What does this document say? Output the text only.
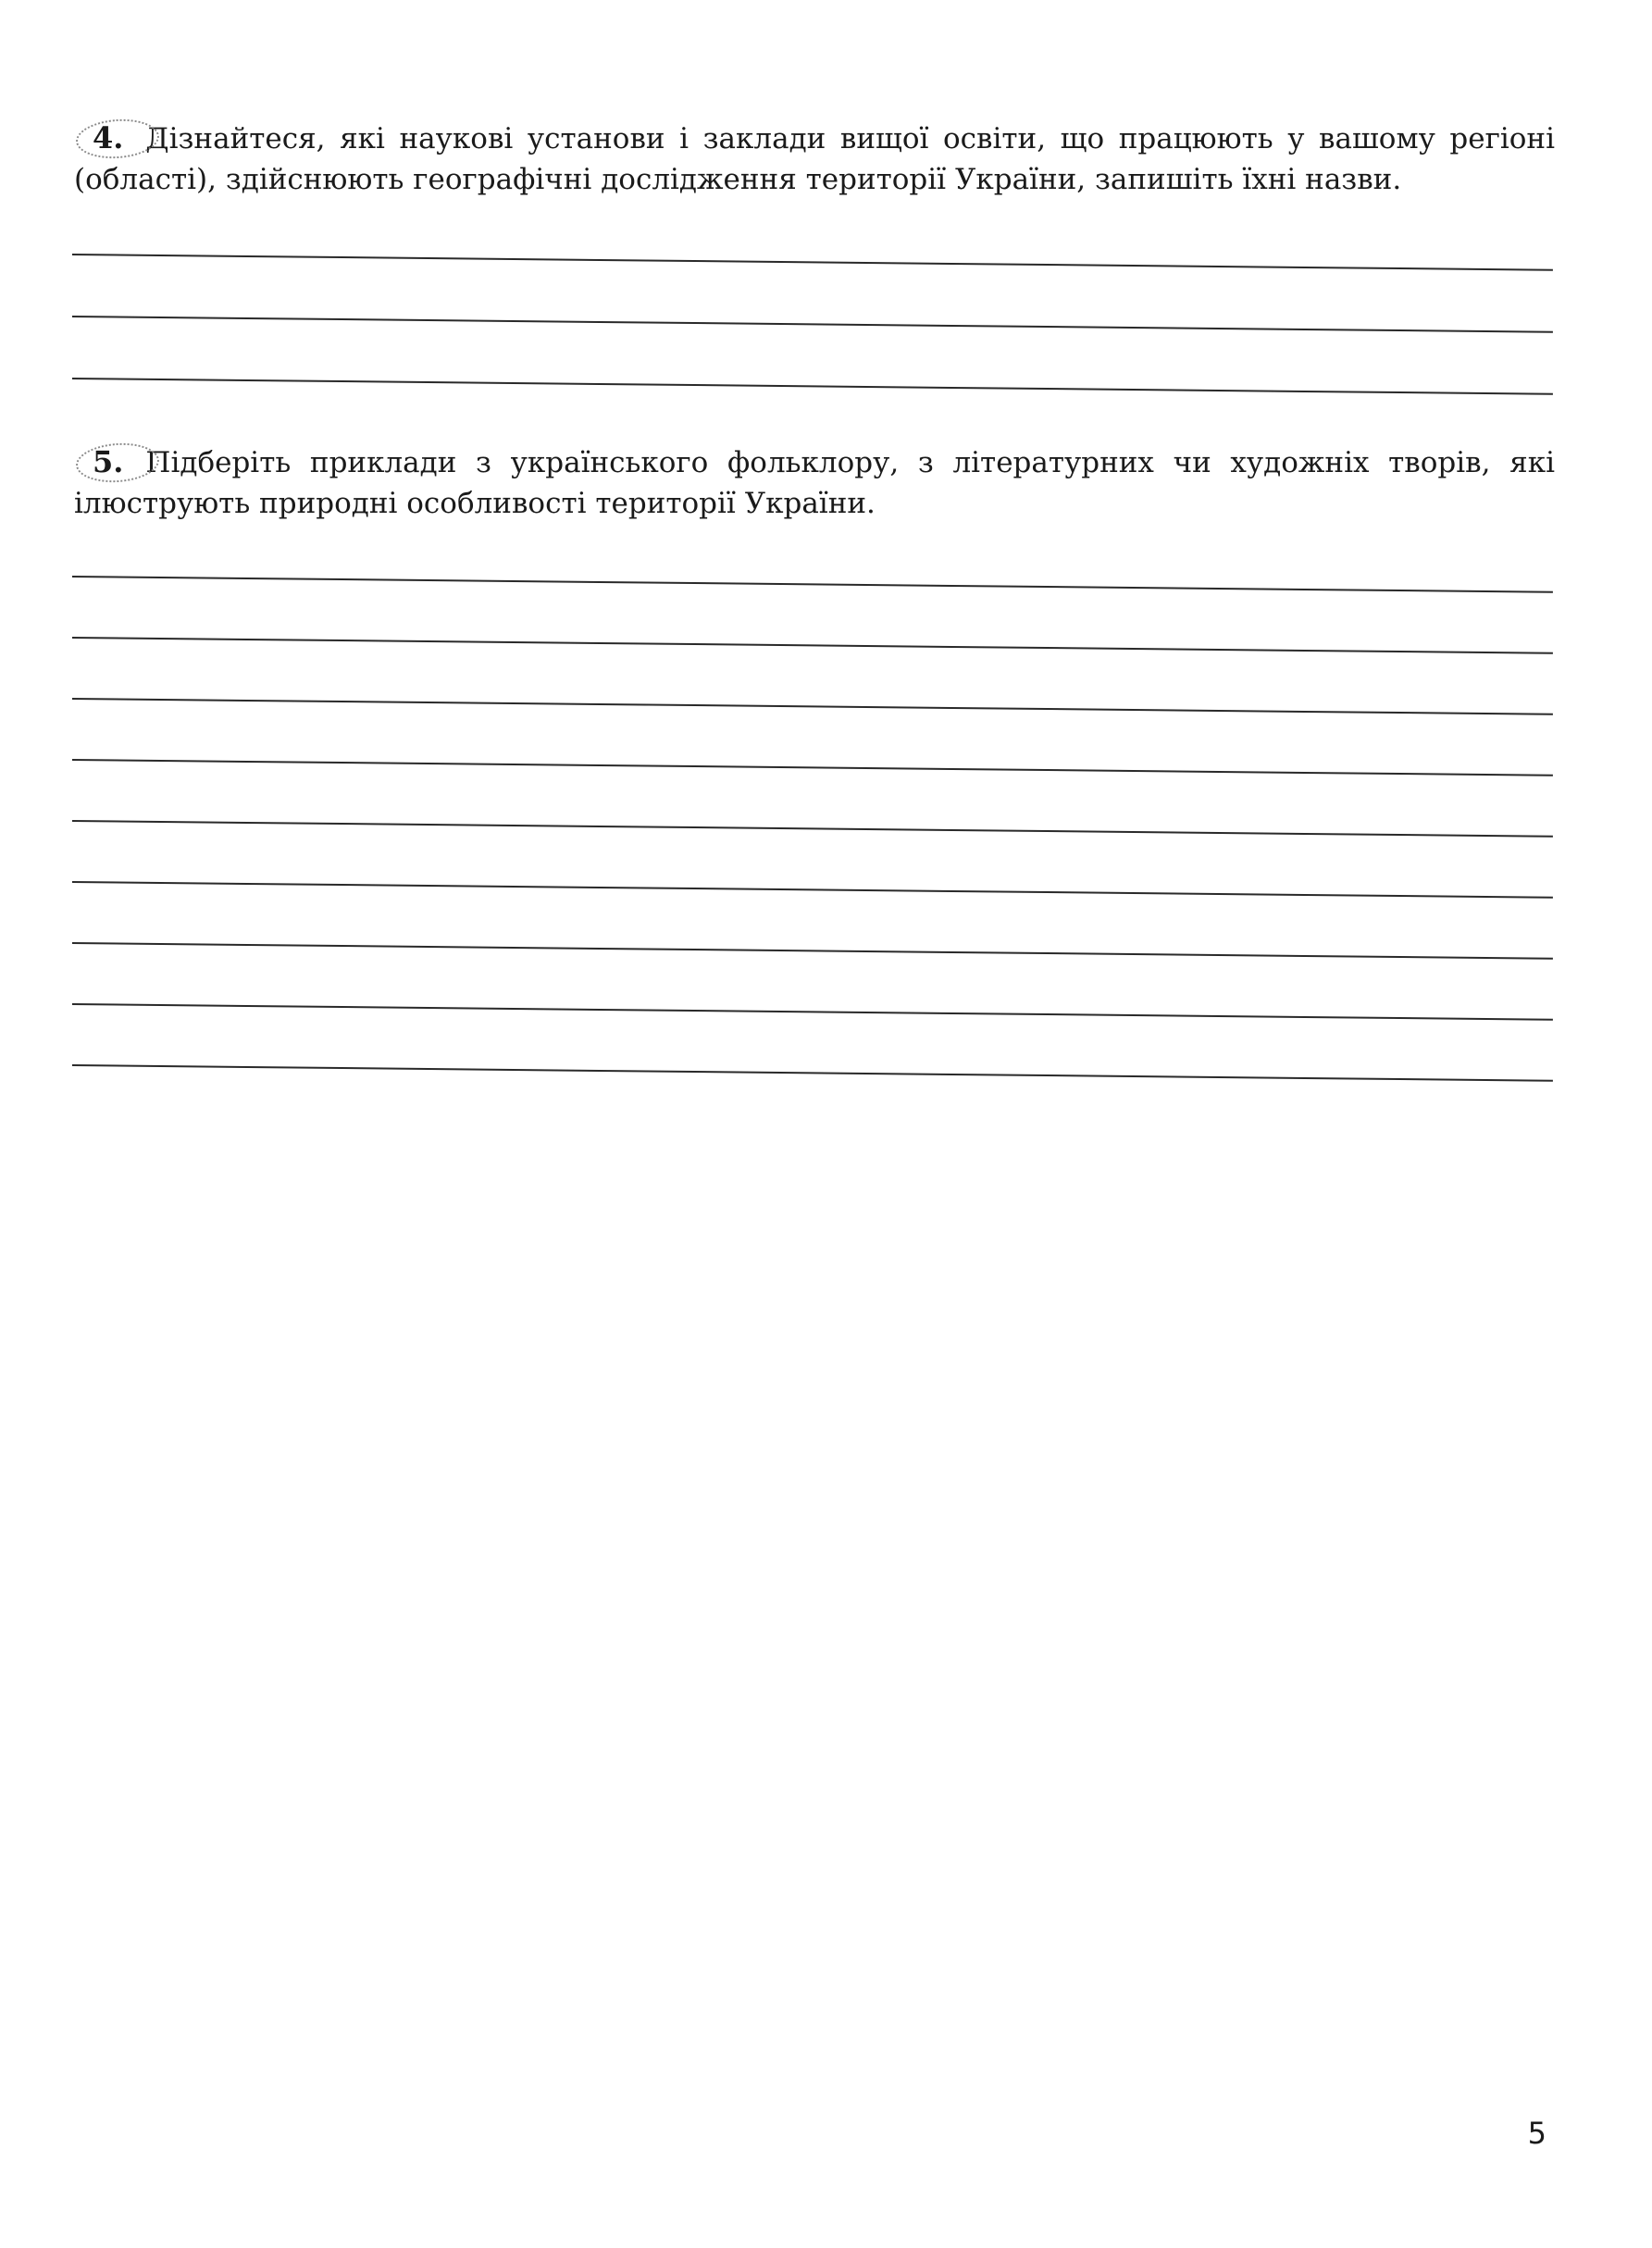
4. Дізнайтеся, які наукові установи і заклади вищої освіти, що працюють у вашому регіоні (області), здійснюють географічні дослідження території України, запишіть їхні назви.

5. Підберіть приклади з українського фольклору, з літературних чи художніх творів, які ілюструють природні особливості території України.

5
